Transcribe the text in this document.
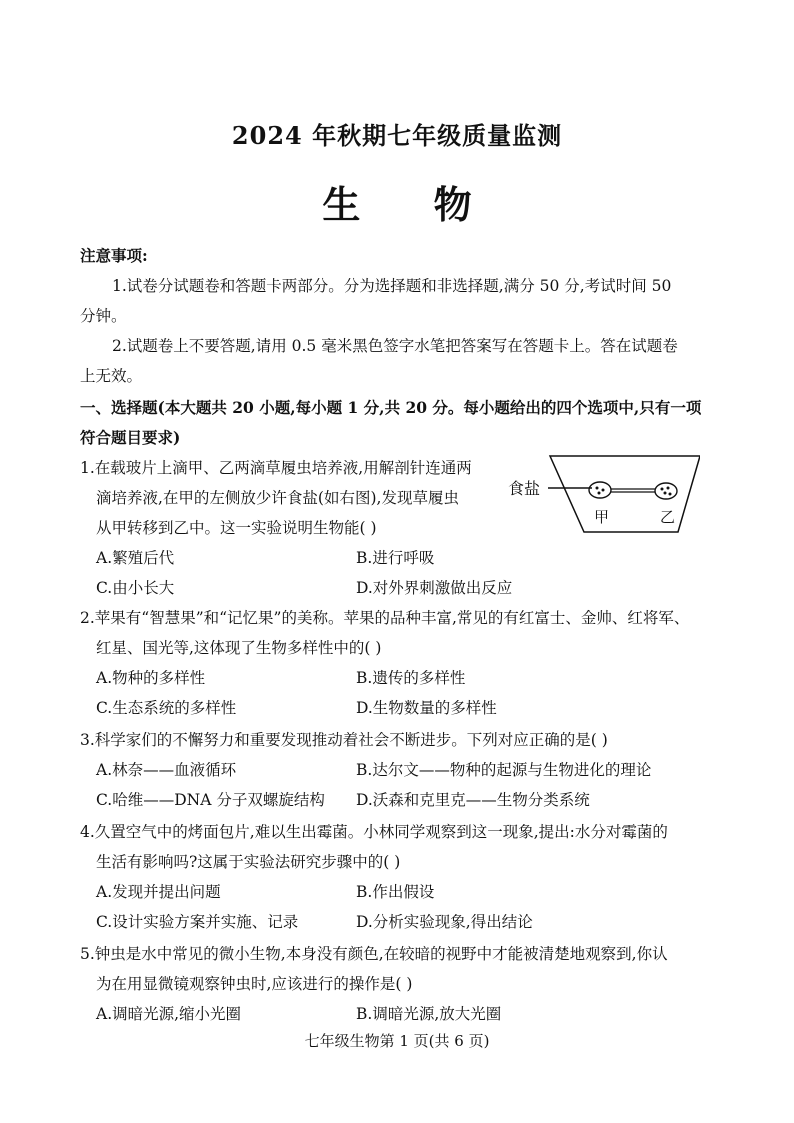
2024 年秋期七年级质量监测
生 物
注意事项:
1.试卷分试题卷和答题卡两部分。分为选择题和非选择题,满分 50 分,考试时间 50
分钟。
2.试题卷上不要答题,请用 0.5 毫米黑色签字水笔把答案写在答题卡上。答在试题卷
上无效。
一、选择题(本大题共 20 小题,每小题 1 分,共 20 分。每小题给出的四个选项中,只有一项
符合题目要求)
1.在载玻片上滴甲、乙两滴草履虫培养液,用解剖针连通两
滴培养液,在甲的左侧放少许食盐(如右图),发现草履虫
从甲转移到乙中。这一实验说明生物能( )
A.繁殖后代	B.进行呼吸
C.由小长大	D.对外界刺激做出反应
食盐
甲	乙
2.苹果有“智慧果”和“记忆果”的美称。苹果的品种丰富,常见的有红富士、金帅、红将军、
红星、国光等,这体现了生物多样性中的( )
A.物种的多样性	B.遗传的多样性
C.生态系统的多样性	D.生物数量的多样性
3.科学家们的不懈努力和重要发现推动着社会不断进步。下列对应正确的是( )
A.林奈——血液循环	B.达尔文——物种的起源与生物进化的理论
C.哈维——DNA 分子双螺旋结构 D.沃森和克里克——生物分类系统
4.久置空气中的烤面包片,难以生出霉菌。小林同学观察到这一现象,提出:水分对霉菌的
生活有影响吗?这属于实验法研究步骤中的( )
A.发现并提出问题	B.作出假设
C.设计实验方案并实施、记录	D.分析实验现象,得出结论
5.钟虫是水中常见的微小生物,本身没有颜色,在较暗的视野中才能被清楚地观察到,你认
为在用显微镜观察钟虫时,应该进行的操作是( )
A.调暗光源,缩小光圈	B.调暗光源,放大光圈
七年级生物第 1 页(共 6 页)
